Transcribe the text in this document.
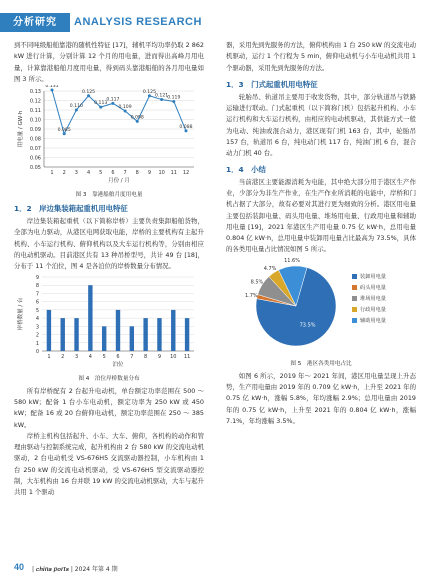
分析研究	ANALYSIS RESEARCH

到不同吨级船舶靠港的随机性特征 [17]，辅机平均功率仍取 2 862 kW 进行计算，分别计算 12 个月的用电量，进而得出高峰月用电量，计算靠港船舶月度用电量，得到码头靠港船舶的各月用电量如图 3 所示。

0.05
0.06
0.07
0.08
0.09
0.10
0.11
0.12
0.13
1 2 3 4 5 6 7 8 9 10 11 12
0.131
0.085
0.110
0.125
0.113
0.117
0.109
0.098
0.125
0.121 0.119
0.088
月份 / 月
用电量 / GW·h
图 3　靠港船舶月度用电量
1．2　岸边集装箱起重机用电特征

岸边集装箱起重机（以下简称岸桥）主要负责集卸船舶货物，全部为电力驱动，从港区电网获取电能，岸桥的主要机构有主起升机构、小车运行机构、俯仰机构以及大车运行机构等，分别由相应的电动机驱动。目前港区共有 13 种吊桥型号，共计 49 台 [18]，分布于 11 个泊位，图 4 是各泊位的岸桥数量分布情况。

0
1
2
3
4
5
6
7
8
9
1 2 3 4 5 6 7 8 9 10 11
泊位
岸桥数量 / 台
图 4　泊位岸桥数量分布

所有岸桥配有 2 台起升电动机，单台额定功率范围在 500 ～ 580 kW；配备 1 台小车电动机，额定功率为 250 kW 或 450 kW；配备 16 或 20 台俯仰电动机，额定功率范围在 250 ～ 385 kW。

岸桥主机构包括起升、小车、大车、俯仰，各机构的动作和管理由驱动与控制系统完成，起升机构由 2 台 580 kW 的交流电动机驱动，2 台电动机受 VS-676H5 交流驱动器控制，小车机构由 1 台 250 kW 的交流电动机驱动，受 VS-676H5 型交流驱动器控制，大车机构由 16 台并联 19 kW 的交流电动机驱动，大车与起升共用 1 个驱动

器，采用先到先服务的方法，俯仰机构由 1 台 250 kW 的交流电动机驱动，运行 1 个行程为 5 min，俯仰电动机与小车电动机共用 1 个驱动器，采用先到先服务的方法。

1．3　门式起重机用电特征

轮胎吊、轨道吊主要用于收发货物，其中，部分轨道吊与铁路运输进行联动。门式起重机（以下简称门机）包括起升机构、小车运行机构和大车运行机构，由相应的电动机驱动，其供能方式一般为电动、纯油或混合动力，港区现有门机 163 台，其中，轮胎吊 157 台，轨道吊 6 台，纯电动门机 117 台，纯油门机 6 台，混合动力门机 40 台。

1．4　小结

当前港区主要能源消耗为电能，其中绝大部分用于港区生产作业，少部分为非生产作业，在生产作业所消耗的电能中，岸桥和门机占据了大部分，故有必要对其进行更为细致的分析。港区用电量主要包括装卸电量、码头用电量、堆场用电量、行政用电量和辅助用电量 [19]，2021 年港区生产用电量 0.75 亿 kW·h，总用电量 0.804 亿 kW·h，总用电量中装卸用电量占比最高为 73.5%，具体的各类用电量占比情况如图 5 所示。

73.5%
1.7%
8.5%
4.7%
11.6%
装卸用电量
码头用电量
堆场用电量
行政用电量
辅助用电量
图 5　港区各类用电占比

如图 6 所示，2019 年～ 2021 年间，港区用电量呈现上升态势，生产用电量由 2019 年的 0.709 亿 kW·h，上升至 2021 年的 0.75 亿 kW·h，涨幅 5.8%，年均涨幅 2.9%；总用电量由 2019 年的 0.75 亿 kW·h，上升至 2021 年的 0.804 亿 kW·h，涨幅 7.1%，年均涨幅 3.5%。

40 | 𝒄𝒉𝒊𝒏𝒂 𝒑𝒐𝒓𝒕𝒔 | 2024 年第 4 期
